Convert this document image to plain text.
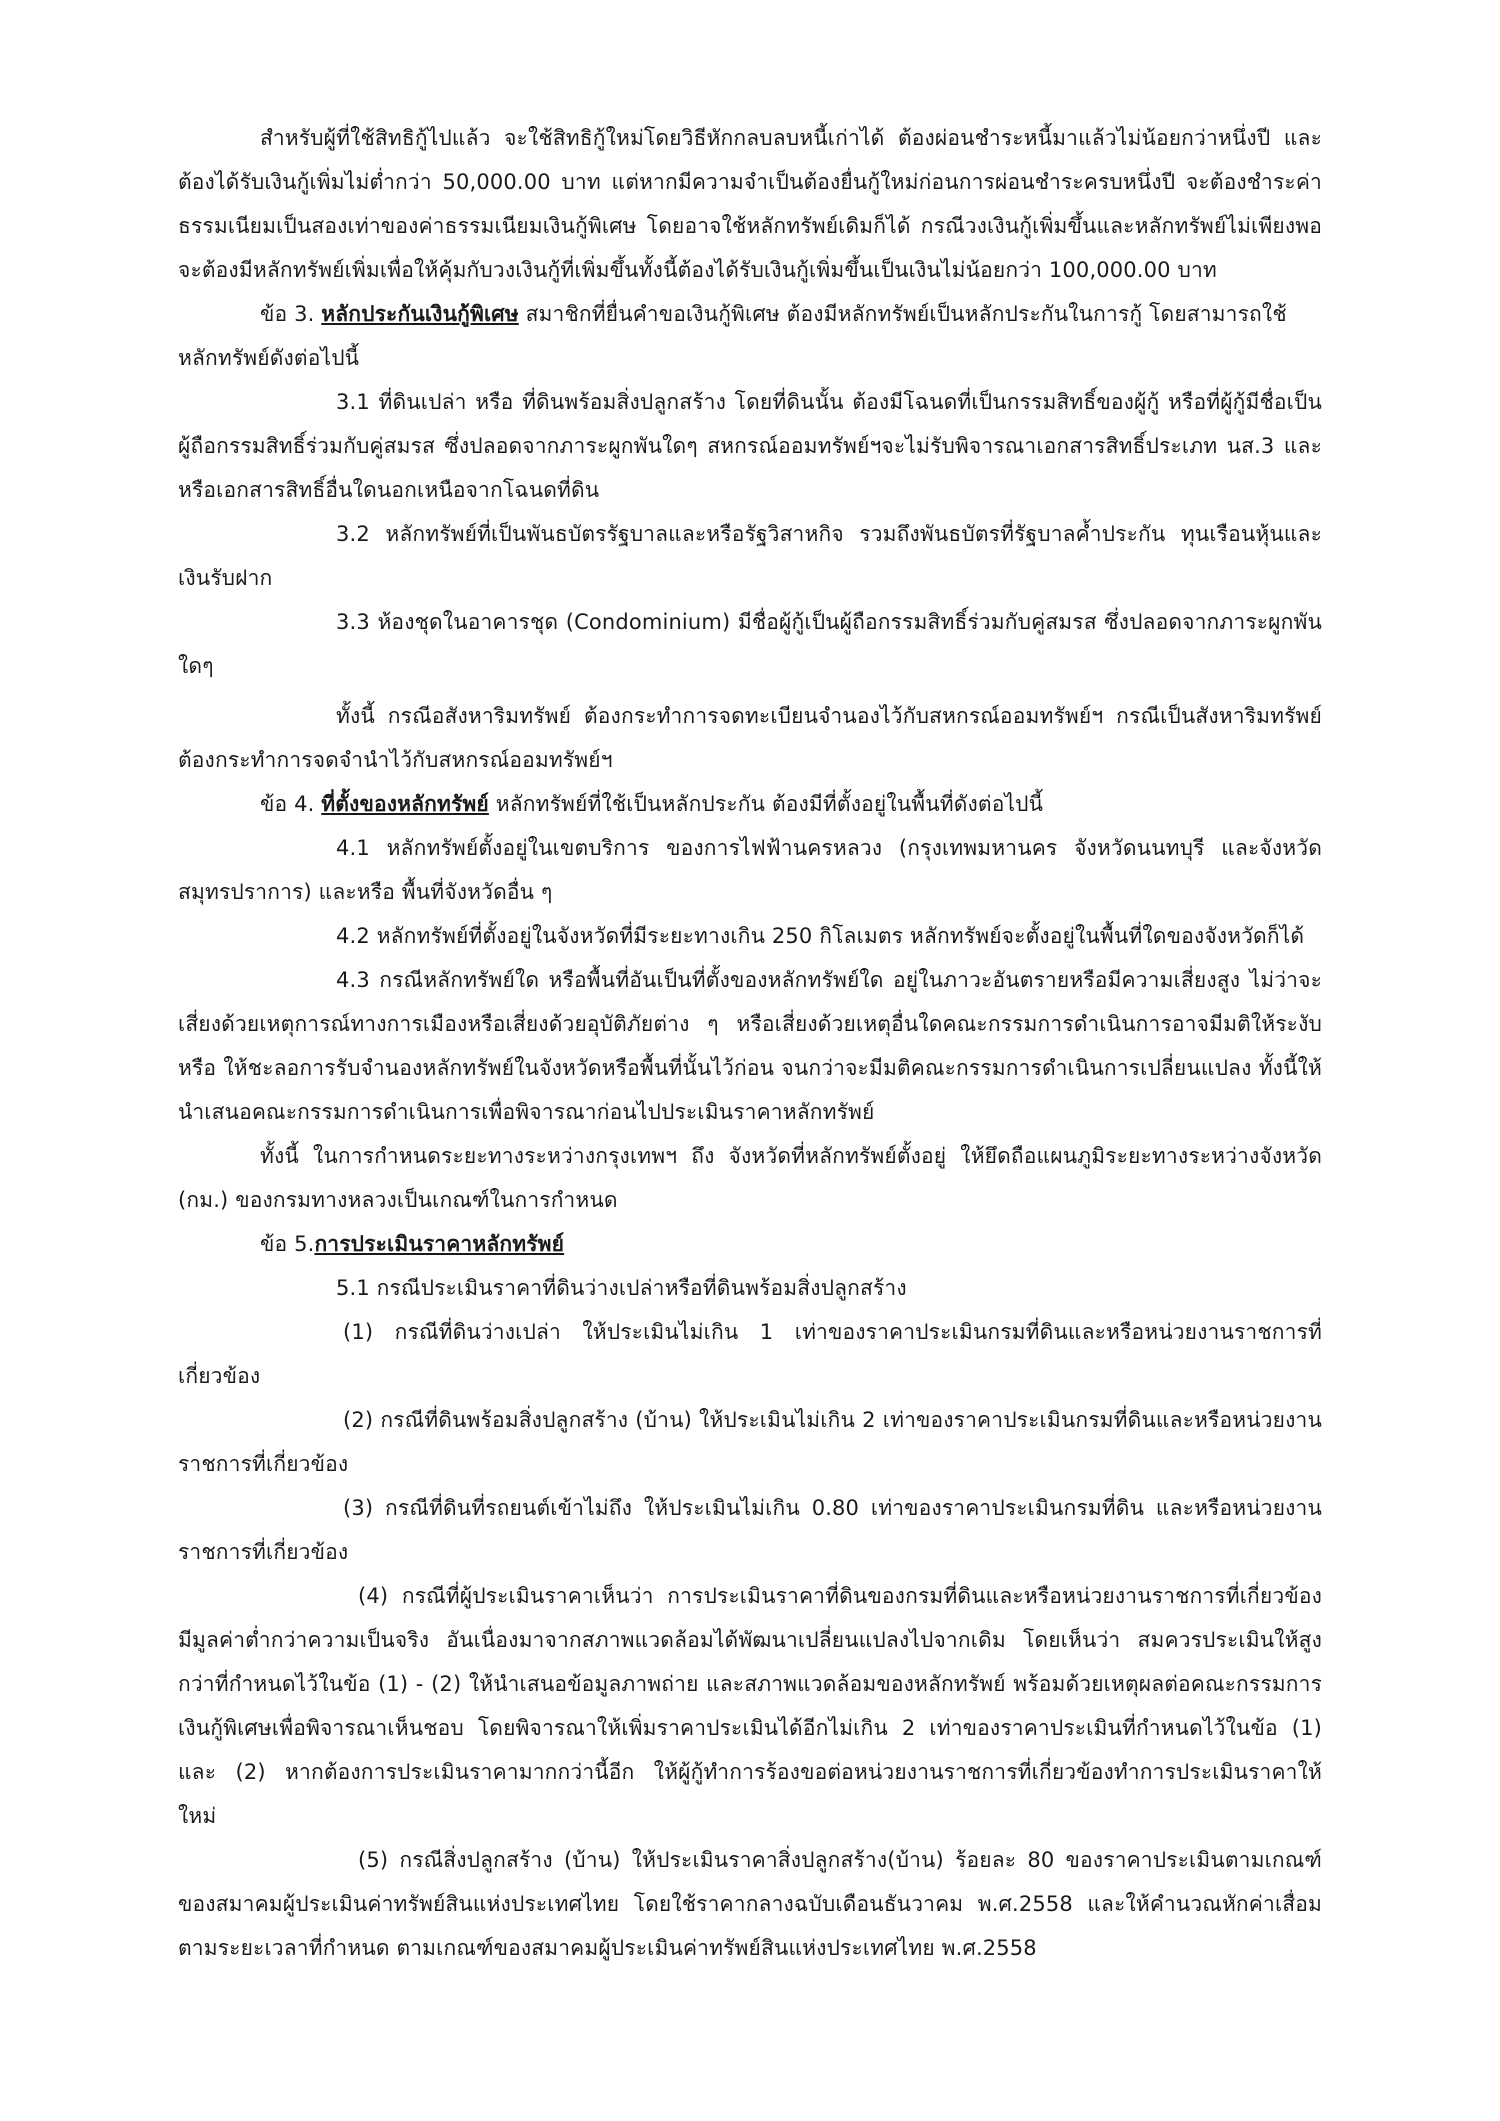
สำหรับผู้ที่ใช้สิทธิกู้ไปแล้ว จะใช้สิทธิกู้ใหม่โดยวิธีหักกลบลบหนี้เก่าได้ ต้องผ่อนชำระหนี้มาแล้วไม่น้อยกว่าหนึ่งปี และต้องได้รับเงินกู้เพิ่มไม่ต่ำกว่า 50,000.00 บาท แต่หากมีความจำเป็นต้องยื่นกู้ใหม่ก่อนการผ่อนชำระครบหนึ่งปี จะต้องชำระค่าธรรมเนียมเป็นสองเท่าของค่าธรรมเนียมเงินกู้พิเศษ โดยอาจใช้หลักทรัพย์เดิมก็ได้ กรณีวงเงินกู้เพิ่มขึ้นและหลักทรัพย์ไม่เพียงพอ จะต้องมีหลักทรัพย์เพิ่มเพื่อให้คุ้มกับวงเงินกู้ที่เพิ่มขึ้นทั้งนี้ต้องได้รับเงินกู้เพิ่มขึ้นเป็นเงินไม่น้อยกว่า 100,000.00 บาท

ข้อ 3. หลักประกันเงินกู้พิเศษ สมาชิกที่ยื่นคำขอเงินกู้พิเศษ ต้องมีหลักทรัพย์เป็นหลักประกันในการกู้ โดยสามารถใช้หลักทรัพย์ดังต่อไปนี้

3.1 ที่ดินเปล่า หรือ ที่ดินพร้อมสิ่งปลูกสร้าง โดยที่ดินนั้น ต้องมีโฉนดที่เป็นกรรมสิทธิ์ของผู้กู้ หรือที่ผู้กู้มีชื่อเป็นผู้ถือกรรมสิทธิ์ร่วมกับคู่สมรส ซึ่งปลอดจากภาระผูกพันใดๆ สหกรณ์ออมทรัพย์ฯจะไม่รับพิจารณาเอกสารสิทธิ์ประเภท นส.3 และหรือเอกสารสิทธิ์อื่นใดนอกเหนือจากโฉนดที่ดิน

3.2 หลักทรัพย์ที่เป็นพันธบัตรรัฐบาลและหรือรัฐวิสาหกิจ รวมถึงพันธบัตรที่รัฐบาลค้ำประกัน ทุนเรือนหุ้นและเงินรับฝาก

3.3 ห้องชุดในอาคารชุด (Condominium) มีชื่อผู้กู้เป็นผู้ถือกรรมสิทธิ์ร่วมกับคู่สมรส ซึ่งปลอดจากภาระผูกพันใดๆ

ทั้งนี้ กรณีอสังหาริมทรัพย์ ต้องกระทำการจดทะเบียนจำนองไว้กับสหกรณ์ออมทรัพย์ฯ กรณีเป็นสังหาริมทรัพย์ ต้องกระทำการจดจำนำไว้กับสหกรณ์ออมทรัพย์ฯ

ข้อ 4. ที่ตั้งของหลักทรัพย์ หลักทรัพย์ที่ใช้เป็นหลักประกัน ต้องมีที่ตั้งอยู่ในพื้นที่ดังต่อไปนี้

4.1 หลักทรัพย์ตั้งอยู่ในเขตบริการ ของการไฟฟ้านครหลวง (กรุงเทพมหานคร จังหวัดนนทบุรี และจังหวัดสมุทรปราการ) และหรือ พื้นที่จังหวัดอื่น ๆ

4.2 หลักทรัพย์ที่ตั้งอยู่ในจังหวัดที่มีระยะทางเกิน 250 กิโลเมตร หลักทรัพย์จะตั้งอยู่ในพื้นที่ใดของจังหวัดก็ได้

4.3 กรณีหลักทรัพย์ใด หรือพื้นที่อันเป็นที่ตั้งของหลักทรัพย์ใด อยู่ในภาวะอันตรายหรือมีความเสี่ยงสูง ไม่ว่าจะเสี่ยงด้วยเหตุการณ์ทางการเมืองหรือเสี่ยงด้วยอุบัติภัยต่าง ๆ หรือเสี่ยงด้วยเหตุอื่นใดคณะกรรมการดำเนินการอาจมีมติให้ระงับ หรือ ให้ชะลอการรับจำนองหลักทรัพย์ในจังหวัดหรือพื้นที่นั้นไว้ก่อน จนกว่าจะมีมติคณะกรรมการดำเนินการเปลี่ยนแปลง ทั้งนี้ให้นำเสนอคณะกรรมการดำเนินการเพื่อพิจารณาก่อนไปประเมินราคาหลักทรัพย์

ทั้งนี้ ในการกำหนดระยะทางระหว่างกรุงเทพฯ ถึง จังหวัดที่หลักทรัพย์ตั้งอยู่ ให้ยึดถือแผนภูมิระยะทางระหว่างจังหวัด (กม.) ของกรมทางหลวงเป็นเกณฑ์ในการกำหนด

ข้อ 5.การประเมินราคาหลักทรัพย์

5.1 กรณีประเมินราคาที่ดินว่างเปล่าหรือที่ดินพร้อมสิ่งปลูกสร้าง

(1) กรณีที่ดินว่างเปล่า ให้ประเมินไม่เกิน 1 เท่าของราคาประเมินกรมที่ดินและหรือหน่วยงานราชการที่เกี่ยวข้อง

(2) กรณีที่ดินพร้อมสิ่งปลูกสร้าง (บ้าน) ให้ประเมินไม่เกิน 2 เท่าของราคาประเมินกรมที่ดินและหรือหน่วยงานราชการที่เกี่ยวข้อง

(3) กรณีที่ดินที่รถยนต์เข้าไม่ถึง ให้ประเมินไม่เกิน 0.80 เท่าของราคาประเมินกรมที่ดิน และหรือหน่วยงานราชการที่เกี่ยวข้อง

(4) กรณีที่ผู้ประเมินราคาเห็นว่า การประเมินราคาที่ดินของกรมที่ดินและหรือหน่วยงานราชการที่เกี่ยวข้องมีมูลค่าต่ำกว่าความเป็นจริง อันเนื่องมาจากสภาพแวดล้อมได้พัฒนาเปลี่ยนแปลงไปจากเดิม โดยเห็นว่า สมควรประเมินให้สูงกว่าที่กำหนดไว้ในข้อ (1) - (2) ให้นำเสนอข้อมูลภาพถ่าย และสภาพแวดล้อมของหลักทรัพย์ พร้อมด้วยเหตุผลต่อคณะกรรมการเงินกู้พิเศษเพื่อพิจารณาเห็นชอบ โดยพิจารณาให้เพิ่มราคาประเมินได้อีกไม่เกิน 2 เท่าของราคาประเมินที่กำหนดไว้ในข้อ (1) และ (2) หากต้องการประเมินราคามากกว่านี้อีก ให้ผู้กู้ทำการร้องขอต่อหน่วยงานราชการที่เกี่ยวข้องทำการประเมินราคาให้ใหม่

(5) กรณีสิ่งปลูกสร้าง (บ้าน) ให้ประเมินราคาสิ่งปลูกสร้าง(บ้าน) ร้อยละ 80 ของราคาประเมินตามเกณฑ์ของสมาคมผู้ประเมินค่าทรัพย์สินแห่งประเทศไทย โดยใช้ราคากลางฉบับเดือนธันวาคม พ.ศ.2558 และให้คำนวณหักค่าเสื่อมตามระยะเวลาที่กำหนด ตามเกณฑ์ของสมาคมผู้ประเมินค่าทรัพย์สินแห่งประเทศไทย พ.ศ.2558
